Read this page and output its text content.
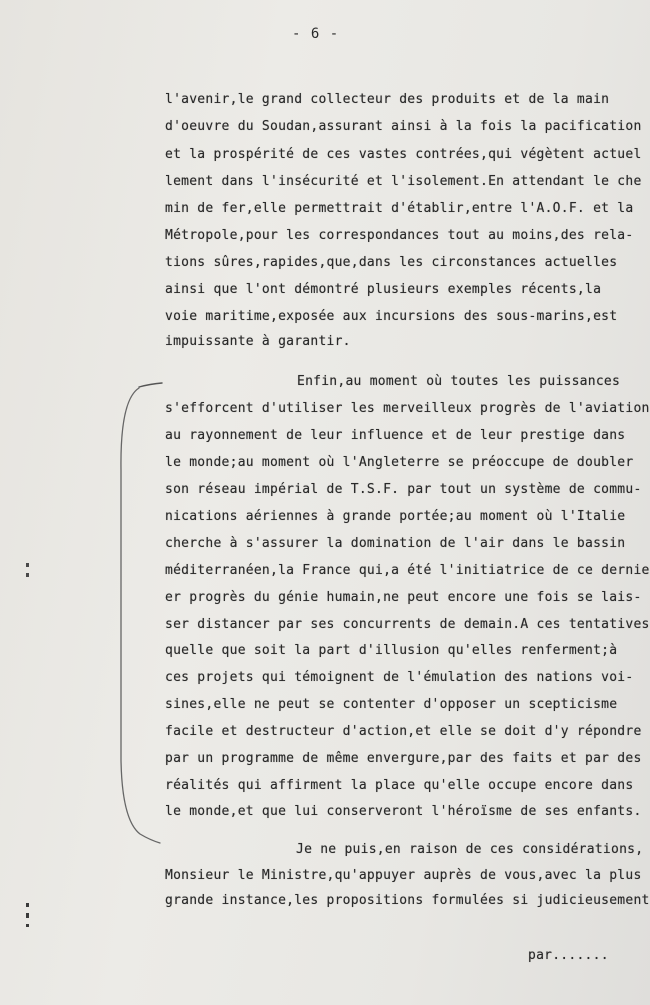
- 6 -
l'avenir,le grand collecteur des produits et de la main
d'oeuvre du Soudan,assurant ainsi à la fois la pacification
et la prospérité de ces vastes contrées,qui végètent actuel
lement dans l'insécurité et l'isolement.En attendant le che
min de fer,elle permettrait d'établir,entre l'A.O.F. et la
Métropole,pour les correspondances tout au moins,des rela-
tions sûres,rapides,que,dans les circonstances actuelles
ainsi que l'ont démontré plusieurs exemples récents,la
voie maritime,exposée aux incursions des sous-marins,est
impuissante à garantir.
Enfin,au moment où toutes les puissances
s'efforcent d'utiliser les merveilleux progrès de l'aviation
au rayonnement de leur influence et de leur prestige dans
le monde;au moment où l'Angleterre se préoccupe de doubler
son réseau impérial de T.S.F. par tout un système de commu-
nications aériennes à grande portée;au moment où l'Italie
cherche à s'assurer la domination de l'air dans le bassin
méditerranéen,la France qui,a été l'initiatrice de ce dernie
er progrès du génie humain,ne peut encore une fois se lais-
ser distancer par ses concurrents de demain.A ces tentatives
quelle que soit la part d'illusion qu'elles renferment;à
ces projets qui témoignent de l'émulation des nations voi-
sines,elle ne peut se contenter d'opposer un scepticisme
facile et destructeur d'action,et elle se doit d'y répondre
par un programme de même envergure,par des faits et par des
réalités qui affirment la place qu'elle occupe encore dans
le monde,et que lui conserveront l'héroïsme de ses enfants.
Je ne puis,en raison de ces considérations,
Monsieur le Ministre,qu'appuyer auprès de vous,avec la plus
grande instance,les propositions formulées si judicieusement
par.......
